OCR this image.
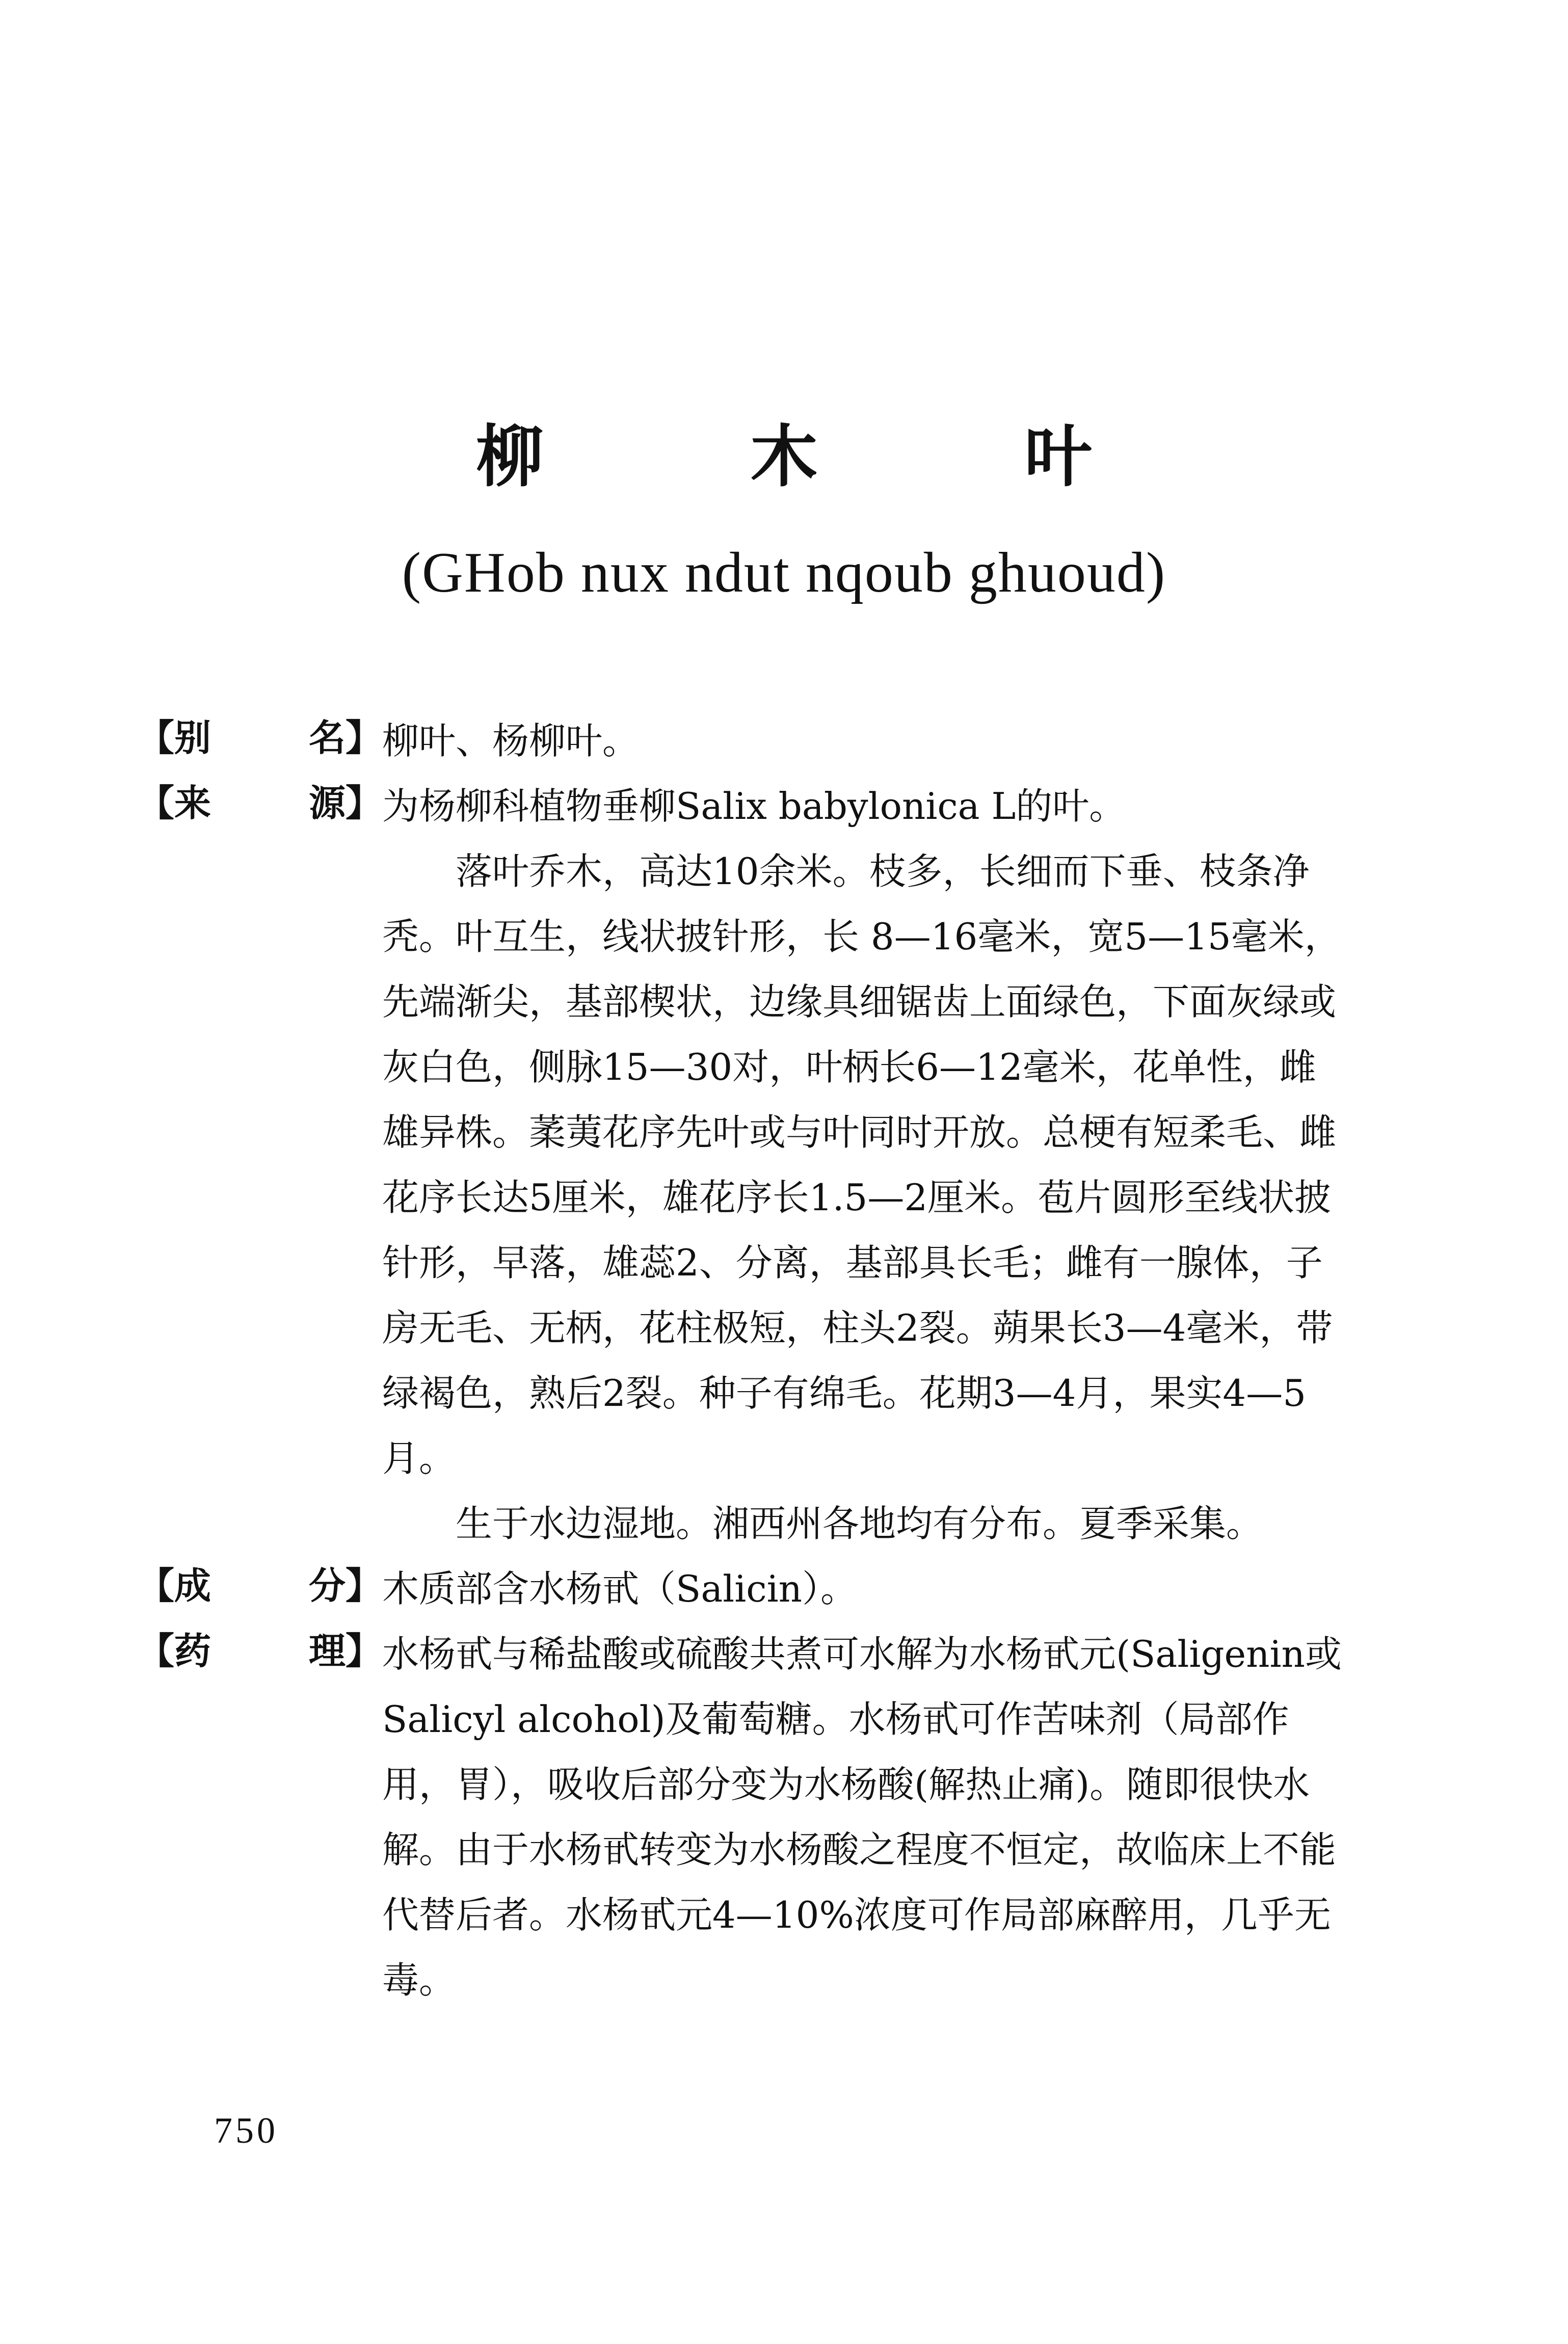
柳 木 叶
(GHob nux ndut nqoub ghuoud)
【别	名】 柳叶、杨柳叶。

【来	源】 为杨柳科植物垂柳Salix babylonica L的叶。

落叶乔木，高达10余米。枝多，长细而下垂、枝条净秃。叶互生，线状披针形，长 8—16毫米，宽5—15毫米，先端渐尖，基部楔状，边缘具细锯齿上面绿色，下面灰绿或灰白色，侧脉15—30对，叶柄长6—12毫米，花单性，雌雄异株。葇荑花序先叶或与叶同时开放。总梗有短柔毛、雌花序长达5厘米，雄花序长1.5—2厘米。苞片圆形至线状披针形，早落，雄蕊2、分离，基部具长毛；雌有一腺体，子房无毛、无柄，花柱极短，柱头2裂。蒴果长3—4毫米，带绿褐色，熟后2裂。种子有绵毛。花期3—4月，果实4—5月。

生于水边湿地。湘西州各地均有分布。夏季采集。

【成	分】 木质部含水杨甙（Salicin）。

【药	理】 水杨甙与稀盐酸或硫酸共煮可水解为水杨甙元(Saligenin或Salicyl alcohol)及葡萄糖。水杨甙可作苦味剂（局部作用，胃），吸收后部分变为水杨酸(解热止痛)。随即很快水解。由于水杨甙转变为水杨酸之程度不恒定，故临床上不能代替后者。水杨甙元4—10%浓度可作局部麻醉用，几乎无毒。

750
